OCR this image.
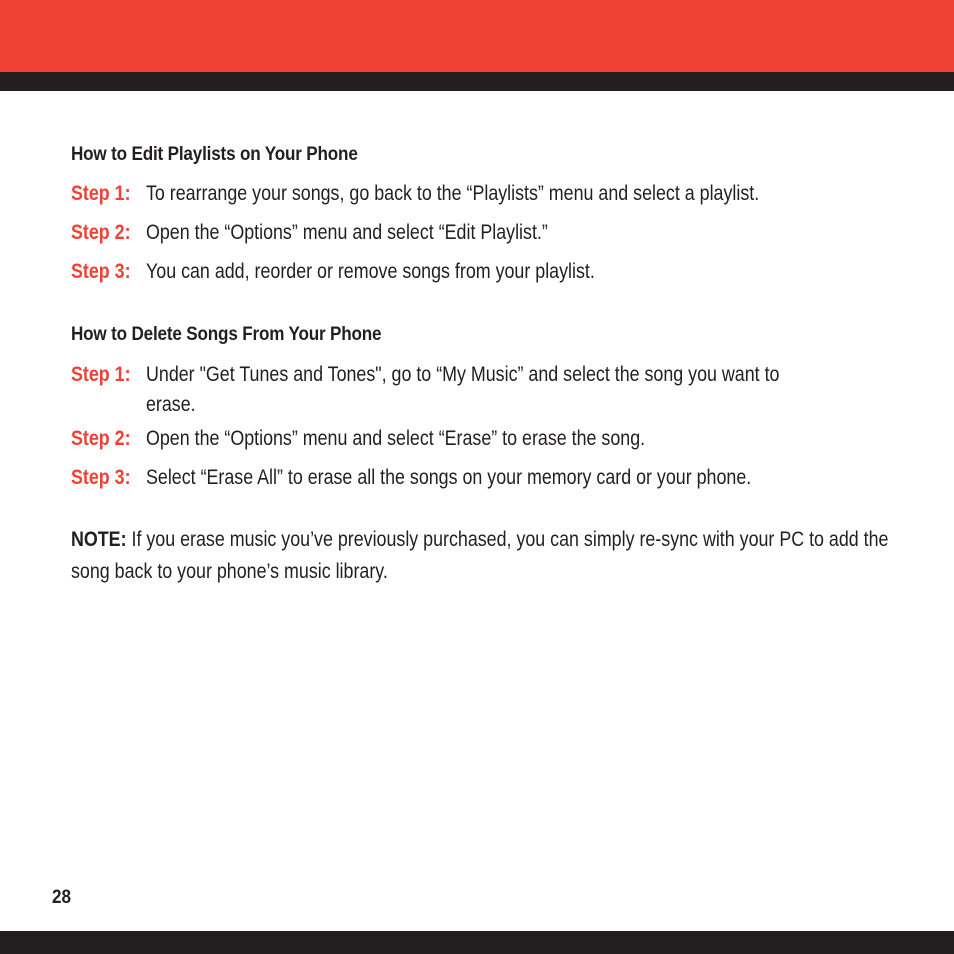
How to Edit Playlists on Your Phone
Step 1: To rearrange your songs, go back to the “Playlists” menu and select a playlist.
Step 2: Open the “Options” menu and select “Edit Playlist.”
Step 3: You can add, reorder or remove songs from your playlist.
How to Delete Songs From Your Phone
Step 1: Under "Get Tunes and Tones", go to “My Music” and select the song you want to erase.
Step 2: Open the “Options” menu and select “Erase” to erase the song.
Step 3: Select “Erase All” to erase all the songs on your memory card or your phone.
NOTE: If you erase music you’ve previously purchased, you can simply re-sync with your PC to add the song back to your phone’s music library.
28
